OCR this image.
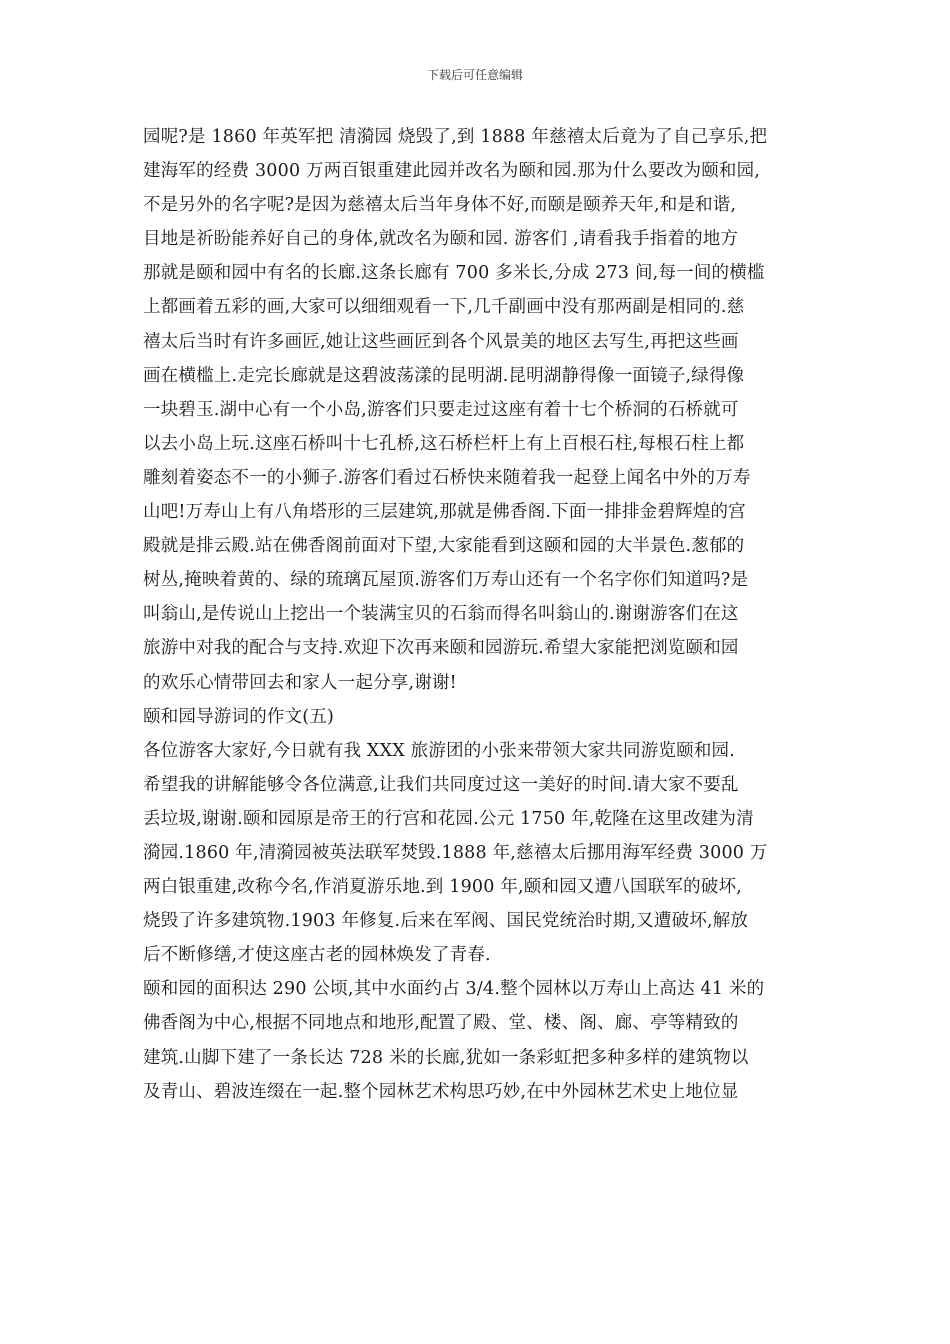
下载后可任意编辑
园呢?是 1860 年英军把 清漪园 烧毁了,到 1888 年慈禧太后竟为了自己享乐,把
建海军的经费 3000 万两百银重建此园并改名为颐和园.那为什么要改为颐和园,
不是另外的名字呢?是因为慈禧太后当年身体不好,而颐是颐养天年,和是和谐,
目地是祈盼能养好自己的身体,就改名为颐和园. 游客们 ,请看我手指着的地方
那就是颐和园中有名的长廊.这条长廊有 700 多米长,分成 273 间,每一间的横槛
上都画着五彩的画,大家可以细细观看一下,几千副画中没有那两副是相同的.慈
禧太后当时有许多画匠,她让这些画匠到各个风景美的地区去写生,再把这些画
画在横槛上.走完长廊就是这碧波荡漾的昆明湖.昆明湖静得像一面镜子,绿得像
一块碧玉.湖中心有一个小岛,游客们只要走过这座有着十七个桥洞的石桥就可
以去小岛上玩.这座石桥叫十七孔桥,这石桥栏杆上有上百根石柱,每根石柱上都
雕刻着姿态不一的小狮子.游客们看过石桥快来随着我一起登上闻名中外的万寿
山吧!万寿山上有八角塔形的三层建筑,那就是佛香阁.下面一排排金碧辉煌的宫
殿就是排云殿.站在佛香阁前面对下望,大家能看到这颐和园的大半景色.葱郁的
树丛,掩映着黄的、绿的琉璃瓦屋顶.游客们万寿山还有一个名字你们知道吗?是
叫翁山,是传说山上挖出一个装满宝贝的石翁而得名叫翁山的.谢谢游客们在这
旅游中对我的配合与支持.欢迎下次再来颐和园游玩.希望大家能把浏览颐和园
的欢乐心情带回去和家人一起分享,谢谢!
颐和园导游词的作文(五)
各位游客大家好,今日就有我 XXX 旅游团的小张来带领大家共同游览颐和园.
希望我的讲解能够令各位满意,让我们共同度过这一美好的时间.请大家不要乱
丢垃圾,谢谢.颐和园原是帝王的行宫和花园.公元 1750 年,乾隆在这里改建为清
漪园.1860 年,清漪园被英法联军焚毁.1888 年,慈禧太后挪用海军经费 3000 万
两白银重建,改称今名,作消夏游乐地.到 1900 年,颐和园又遭八国联军的破坏,
烧毁了许多建筑物.1903 年修复.后来在军阀、国民党统治时期,又遭破坏,解放
后不断修缮,才使这座古老的园林焕发了青春.
颐和园的面积达 290 公顷,其中水面约占 3/4.整个园林以万寿山上高达 41 米的
佛香阁为中心,根据不同地点和地形,配置了殿、堂、楼、阁、廊、亭等精致的
建筑.山脚下建了一条长达 728 米的长廊,犹如一条彩虹把多种多样的建筑物以
及青山、碧波连缀在一起.整个园林艺术构思巧妙,在中外园林艺术史上地位显
